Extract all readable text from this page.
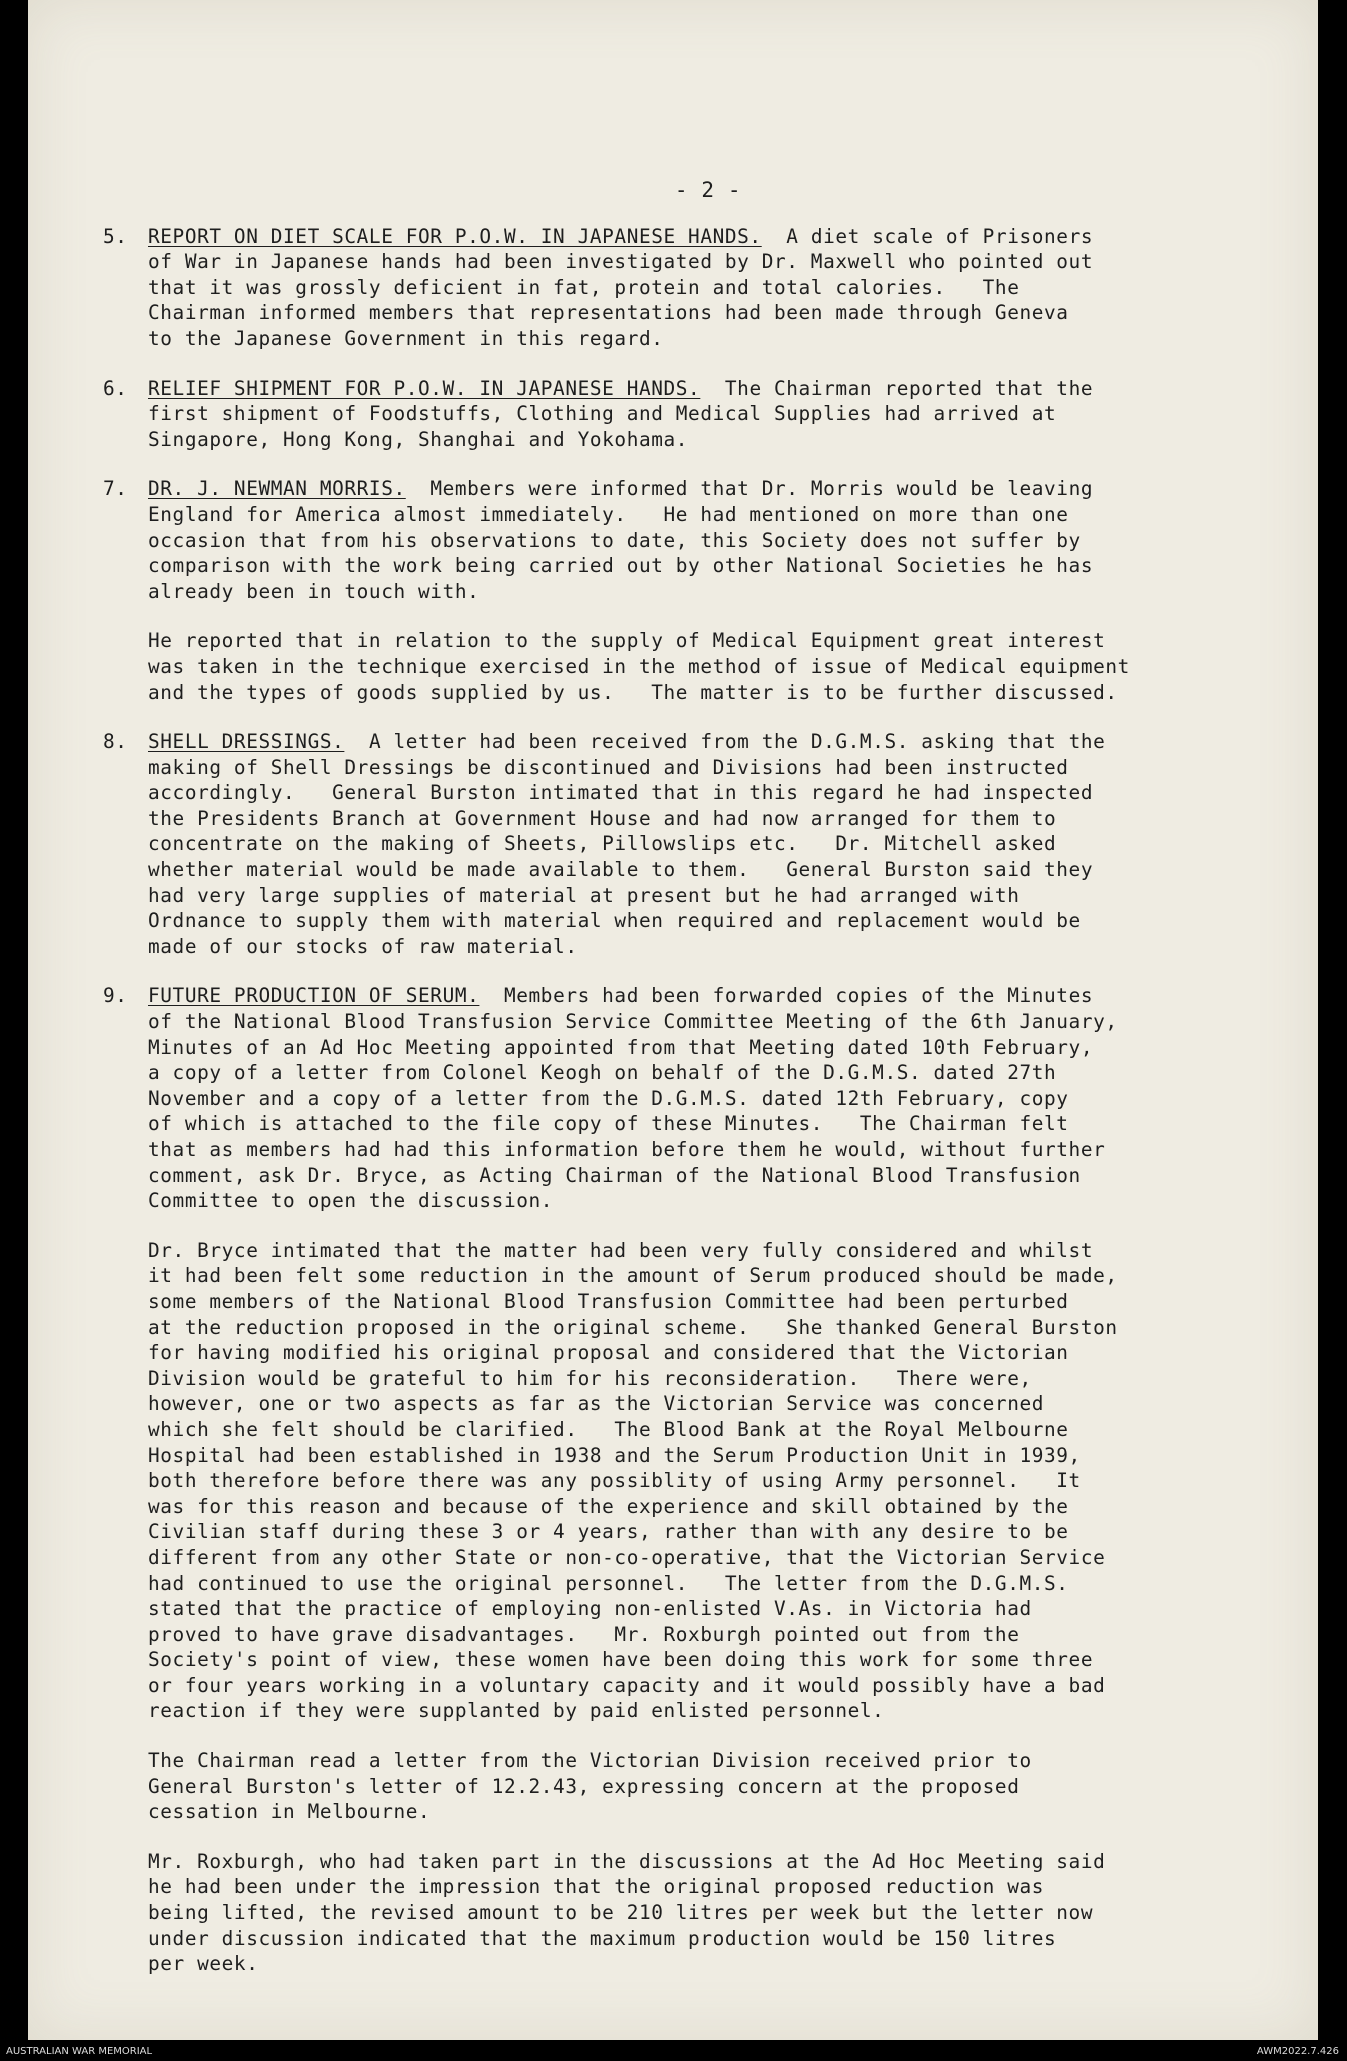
- 2 -
5. REPORT ON DIET SCALE FOR P.O.W. IN JAPANESE HANDS. A diet scale of Prisoners
of War in Japanese hands had been investigated by Dr. Maxwell who pointed out
that it was grossly deficient in fat, protein and total calories.   The
Chairman informed members that representations had been made through Geneva
to the Japanese Government in this regard.
6. RELIEF SHIPMENT FOR P.O.W. IN JAPANESE HANDS. The Chairman reported that the
first shipment of Foodstuffs, Clothing and Medical Supplies had arrived at
Singapore, Hong Kong, Shanghai and Yokohama.
7. DR. J. NEWMAN MORRIS. Members were informed that Dr. Morris would be leaving
England for America almost immediately.   He had mentioned on more than one
occasion that from his observations to date, this Society does not suffer by
comparison with the work being carried out by other National Societies he has
already been in touch with.
He reported that in relation to the supply of Medical Equipment great interest
was taken in the technique exercised in the method of issue of Medical equipment
and the types of goods supplied by us.   The matter is to be further discussed.
8. SHELL DRESSINGS. A letter had been received from the D.G.M.S. asking that the
making of Shell Dressings be discontinued and Divisions had been instructed
accordingly.   General Burston intimated that in this regard he had inspected
the Presidents Branch at Government House and had now arranged for them to
concentrate on the making of Sheets, Pillowslips etc.   Dr. Mitchell asked
whether material would be made available to them.   General Burston said they
had very large supplies of material at present but he had arranged with
Ordnance to supply them with material when required and replacement would be
made of our stocks of raw material.
9. FUTURE PRODUCTION OF SERUM. Members had been forwarded copies of the Minutes
of the National Blood Transfusion Service Committee Meeting of the 6th January,
Minutes of an Ad Hoc Meeting appointed from that Meeting dated 10th February,
a copy of a letter from Colonel Keogh on behalf of the D.G.M.S. dated 27th
November and a copy of a letter from the D.G.M.S. dated 12th February, copy
of which is attached to the file copy of these Minutes.   The Chairman felt
that as members had had this information before them he would, without further
comment, ask Dr. Bryce, as Acting Chairman of the National Blood Transfusion
Committee to open the discussion.
Dr. Bryce intimated that the matter had been very fully considered and whilst
it had been felt some reduction in the amount of Serum produced should be made,
some members of the National Blood Transfusion Committee had been perturbed
at the reduction proposed in the original scheme.   She thanked General Burston
for having modified his original proposal and considered that the Victorian
Division would be grateful to him for his reconsideration.   There were,
however, one or two aspects as far as the Victorian Service was concerned
which she felt should be clarified.   The Blood Bank at the Royal Melbourne
Hospital had been established in 1938 and the Serum Production Unit in 1939,
both therefore before there was any possiblity of using Army personnel.   It
was for this reason and because of the experience and skill obtained by the
Civilian staff during these 3 or 4 years, rather than with any desire to be
different from any other State or non-co-operative, that the Victorian Service
had continued to use the original personnel.   The letter from the D.G.M.S.
stated that the practice of employing non-enlisted V.As. in Victoria had
proved to have grave disadvantages.   Mr. Roxburgh pointed out from the
Society's point of view, these women have been doing this work for some three
or four years working in a voluntary capacity and it would possibly have a bad
reaction if they were supplanted by paid enlisted personnel.
The Chairman read a letter from the Victorian Division received prior to
General Burston's letter of 12.2.43, expressing concern at the proposed
cessation in Melbourne.
Mr. Roxburgh, who had taken part in the discussions at the Ad Hoc Meeting said
he had been under the impression that the original proposed reduction was
being lifted, the revised amount to be 210 litres per week but the letter now
under discussion indicated that the maximum production would be 150 litres
per week.
AUSTRALIAN WAR MEMORIAL	AWM2022.7.426
